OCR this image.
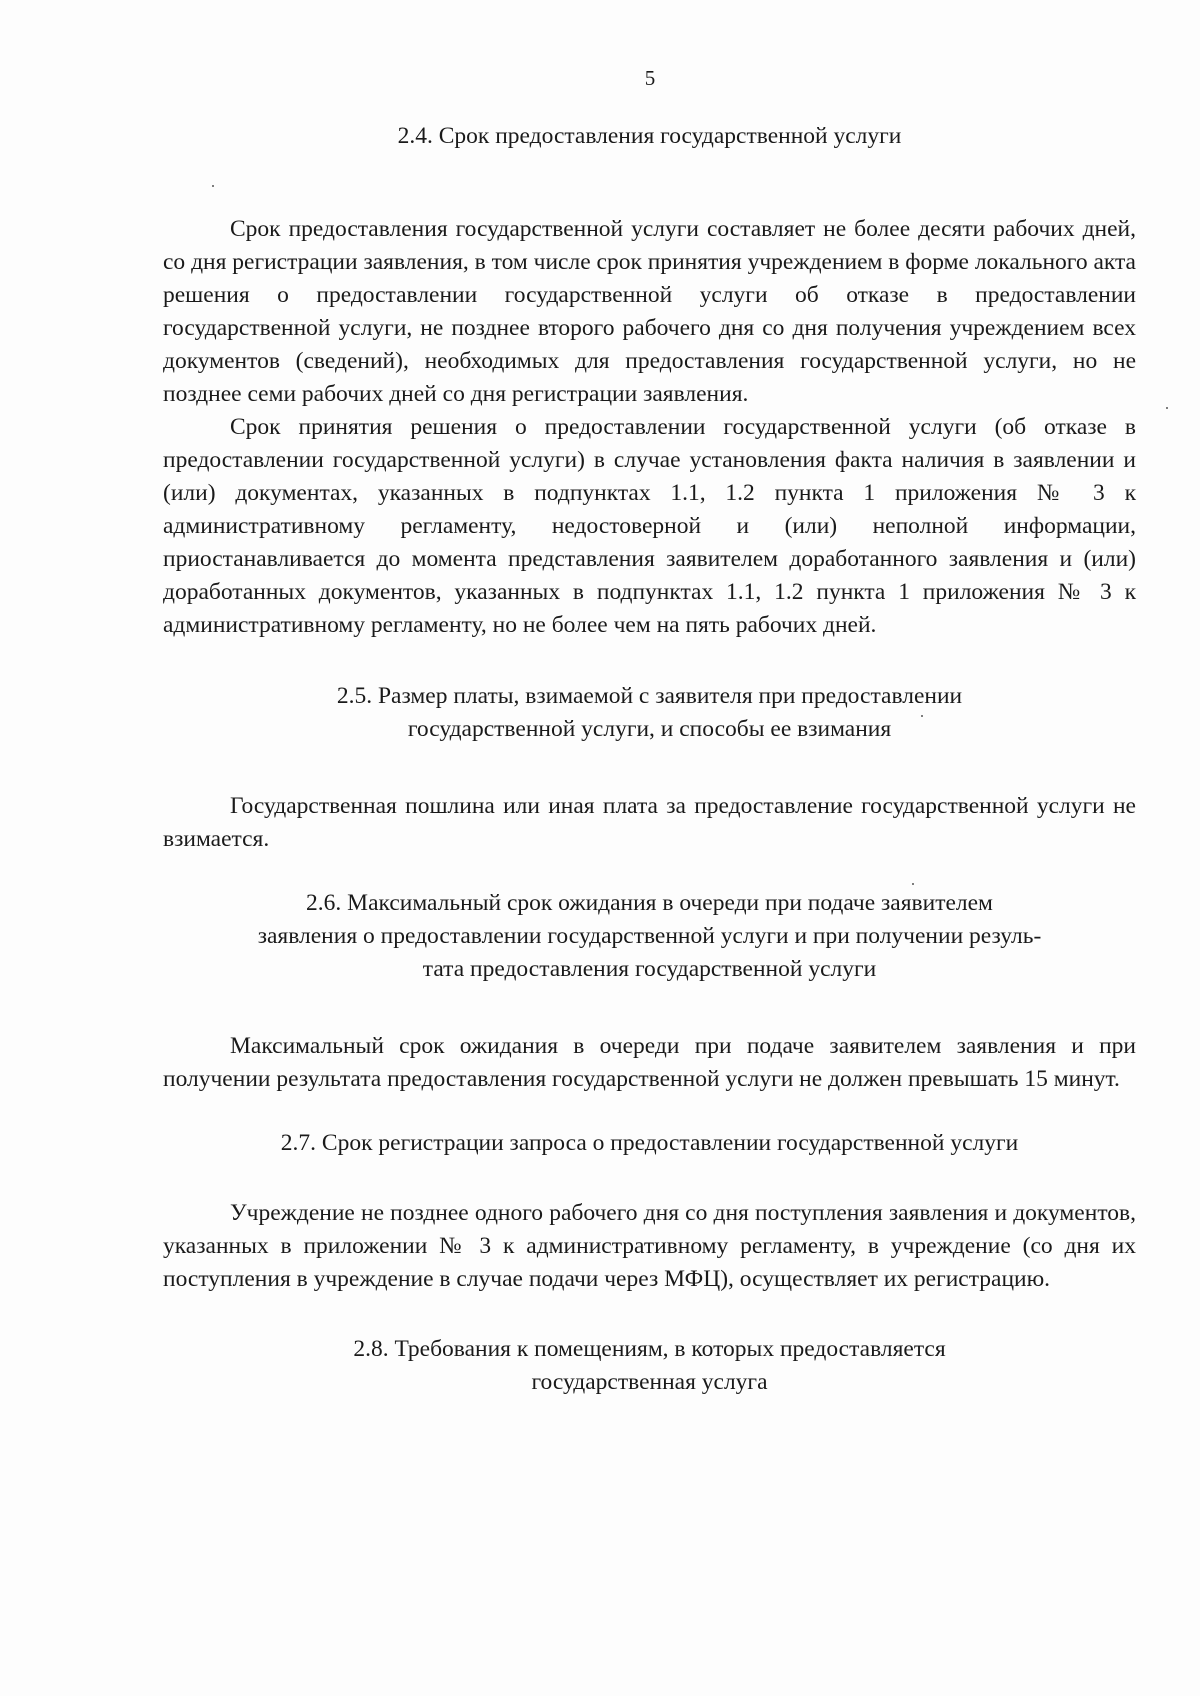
5
2.4. Срок предоставления государственной услуги

Срок предоставления государственной услуги составляет не более десяти рабочих дней, со дня регистрации заявления, в том числе срок принятия учреждением в форме локального акта решения о предоставлении государственной услуги об отказе в предоставлении государственной услуги, не позднее второго рабочего дня со дня получения учреждением всех документов (сведений), необходимых для предоставления государственной услуги, но не позднее семи рабочих дней со дня регистрации заявления.

Срок принятия решения о предоставлении государственной услуги (об отказе в предоставлении государственной услуги) в случае установления факта наличия в заявлении и (или) документах, указанных в подпунктах 1.1, 1.2 пункта 1 приложения № 3 к административному регламенту, недостоверной и (или) неполной информации, приостанавливается до момента представления заявителем доработанного заявления и (или) доработанных документов, указанных в подпунктах 1.1, 1.2 пункта 1 приложения № 3 к административному регламенту, но не более чем на пять рабочих дней.

2.5. Размер платы, взимаемой с заявителя при предоставлении
государственной услуги, и способы ее взимания

Государственная пошлина или иная плата за предоставление государственной услуги не взимается.

2.6. Максимальный срок ожидания в очереди при подаче заявителем
заявления о предоставлении государственной услуги и при получении резуль-
тата предоставления государственной услуги

Максимальный срок ожидания в очереди при подаче заявителем заявления и при получении результата предоставления государственной услуги не должен превышать 15 минут.

2.7. Срок регистрации запроса о предоставлении государственной услуги

Учреждение не позднее одного рабочего дня со дня поступления заявления и документов, указанных в приложении № 3 к административному регламенту, в учреждение (со дня их поступления в учреждение в случае подачи через МФЦ), осуществляет их регистрацию.

2.8. Требования к помещениям, в которых предоставляется
государственная услуга
